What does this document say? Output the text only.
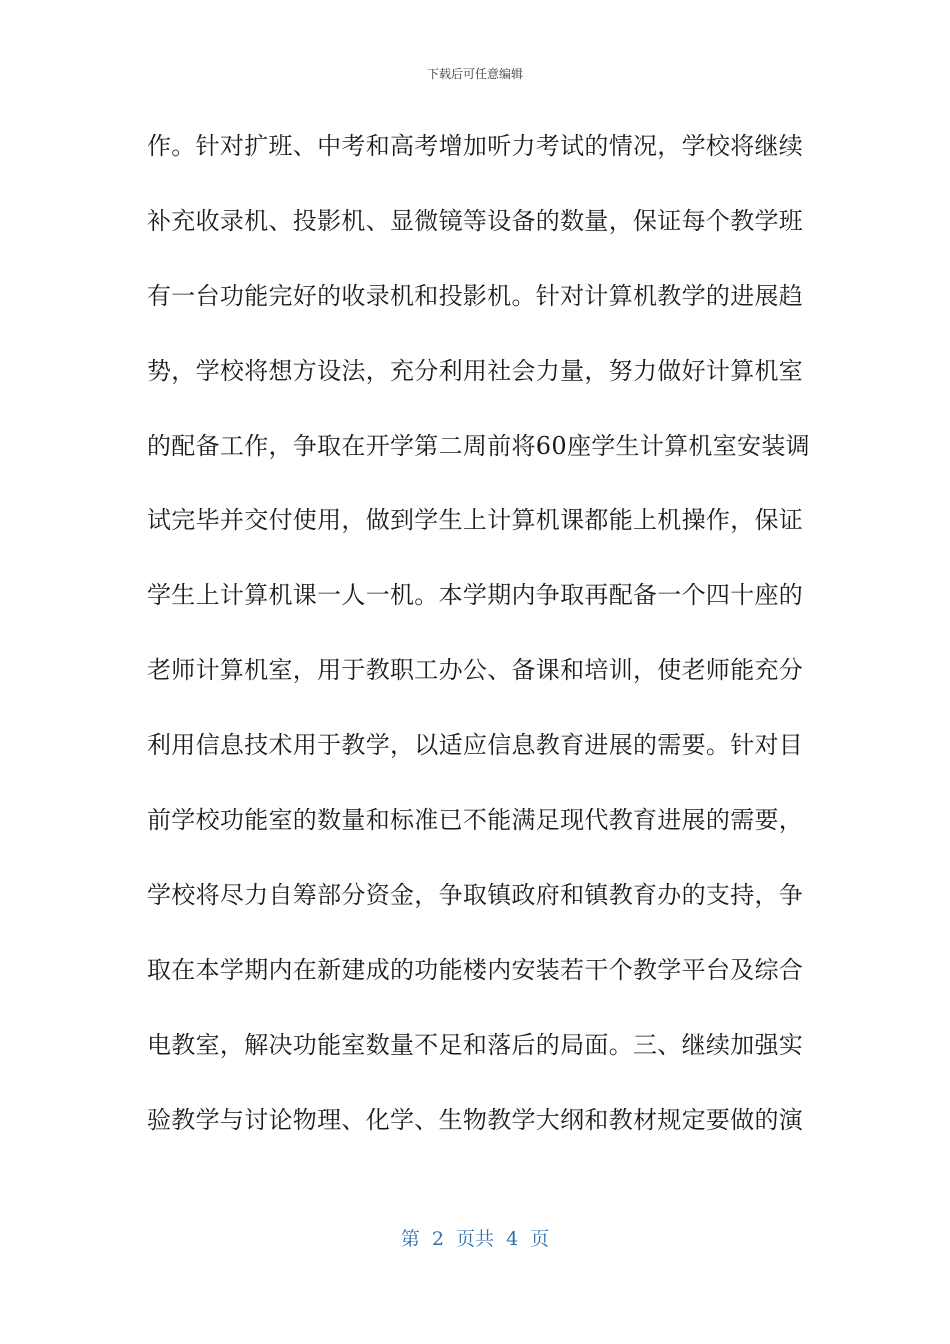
下载后可任意编辑
作。针对扩班、中考和高考增加听力考试的情况，学校将继续
补充收录机、投影机、显微镜等设备的数量，保证每个教学班
有一台功能完好的收录机和投影机。针对计算机教学的进展趋
势，学校将想方设法，充分利用社会力量，努力做好计算机室
的配备工作，争取在开学第二周前将60座学生计算机室安装调
试完毕并交付使用，做到学生上计算机课都能上机操作，保证
学生上计算机课一人一机。本学期内争取再配备一个四十座的
老师计算机室，用于教职工办公、备课和培训，使老师能充分
利用信息技术用于教学，以适应信息教育进展的需要。针对目
前学校功能室的数量和标准已不能满足现代教育进展的需要，
学校将尽力自筹部分资金，争取镇政府和镇教育办的支持，争
取在本学期内在新建成的功能楼内安装若干个教学平台及综合
电教室，解决功能室数量不足和落后的局面。三、继续加强实
验教学与讨论物理、化学、生物教学大纲和教材规定要做的演
第  2  页共  4  页
